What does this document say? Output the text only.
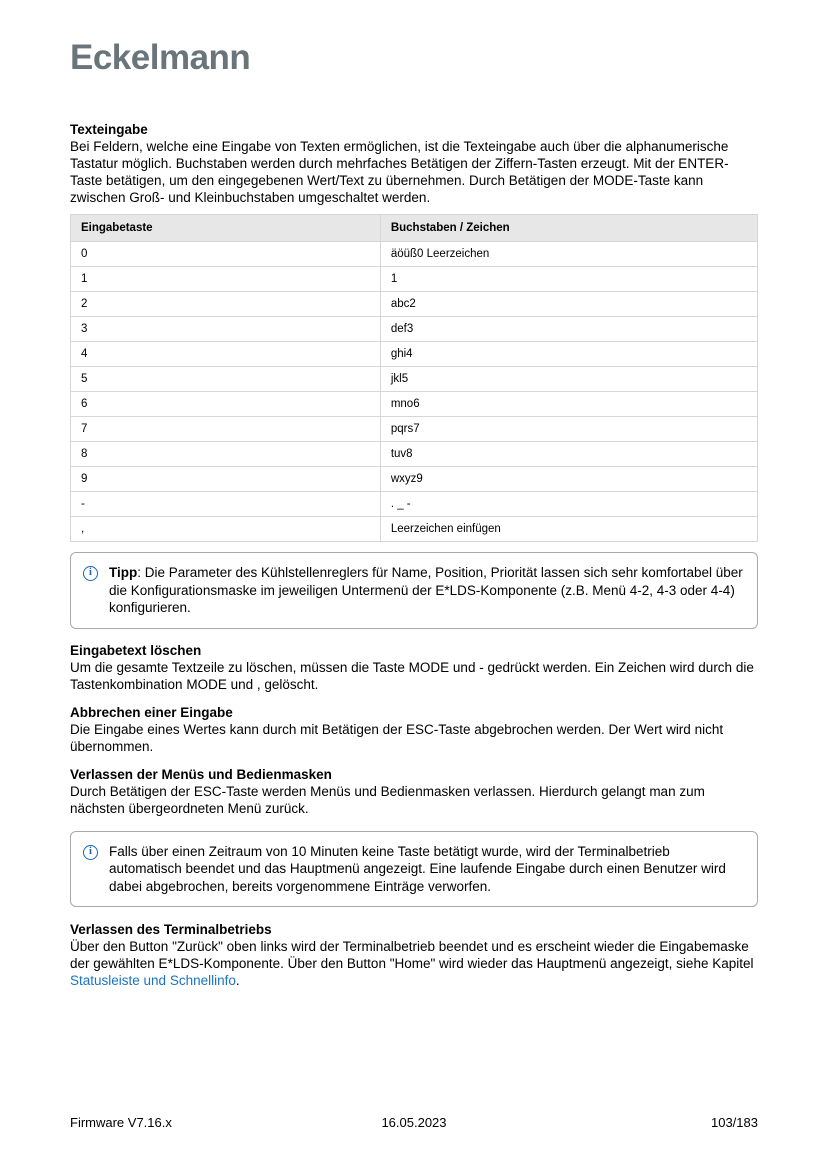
Eckelmann
Texteingabe
Bei Feldern, welche eine Eingabe von Texten ermöglichen, ist die Texteingabe auch über die alphanumerische Tastatur möglich. Buchstaben werden durch mehrfaches Betätigen der Ziffern-Tasten erzeugt. Mit der ENTER-Taste betätigen, um den eingegebenen Wert/Text zu übernehmen. Durch Betätigen der MODE-Taste kann zwischen Groß- und Kleinbuchstaben umgeschaltet werden.
Eingabetaste	Buchstaben / Zeichen
0	äöüß0 Leerzeichen
1	1
2	abc2
3	def3
4	ghi4
5	jkl5
6	mno6
7	pqrs7
8	tuv8
9	wxyz9
-	. _ -
,	Leerzeichen einfügen
i	Tipp: Die Parameter des Kühlstellenreglers für Name, Position, Priorität lassen sich sehr komfortabel über die Konfigurationsmaske im jeweiligen Untermenü der E*LDS-Komponente (z.B. Menü 4-2, 4-3 oder 4-4) konfigurieren.
Eingabetext löschen
Um die gesamte Textzeile zu löschen, müssen die Taste MODE und - gedrückt werden. Ein Zeichen wird durch die Tastenkombination MODE und , gelöscht.
Abbrechen einer Eingabe
Die Eingabe eines Wertes kann durch mit Betätigen der ESC-Taste abgebrochen werden. Der Wert wird nicht übernommen.
Verlassen der Menüs und Bedienmasken
Durch Betätigen der ESC-Taste werden Menüs und Bedienmasken verlassen. Hierdurch gelangt man zum nächsten übergeordneten Menü zurück.
i	Falls über einen Zeitraum von 10 Minuten keine Taste betätigt wurde, wird der Terminalbetrieb automatisch beendet und das Hauptmenü angezeigt. Eine laufende Eingabe durch einen Benutzer wird dabei abgebrochen, bereits vorgenommene Einträge verworfen.
Verlassen des Terminalbetriebs
Über den Button "Zurück" oben links wird der Terminalbetrieb beendet und es erscheint wieder die Eingabemaske der gewählten E*LDS-Komponente. Über den Button "Home" wird wieder das Hauptmenü angezeigt, siehe Kapitel Statusleiste und Schnellinfo.
Firmware V7.16.x	16.05.2023	103/183
